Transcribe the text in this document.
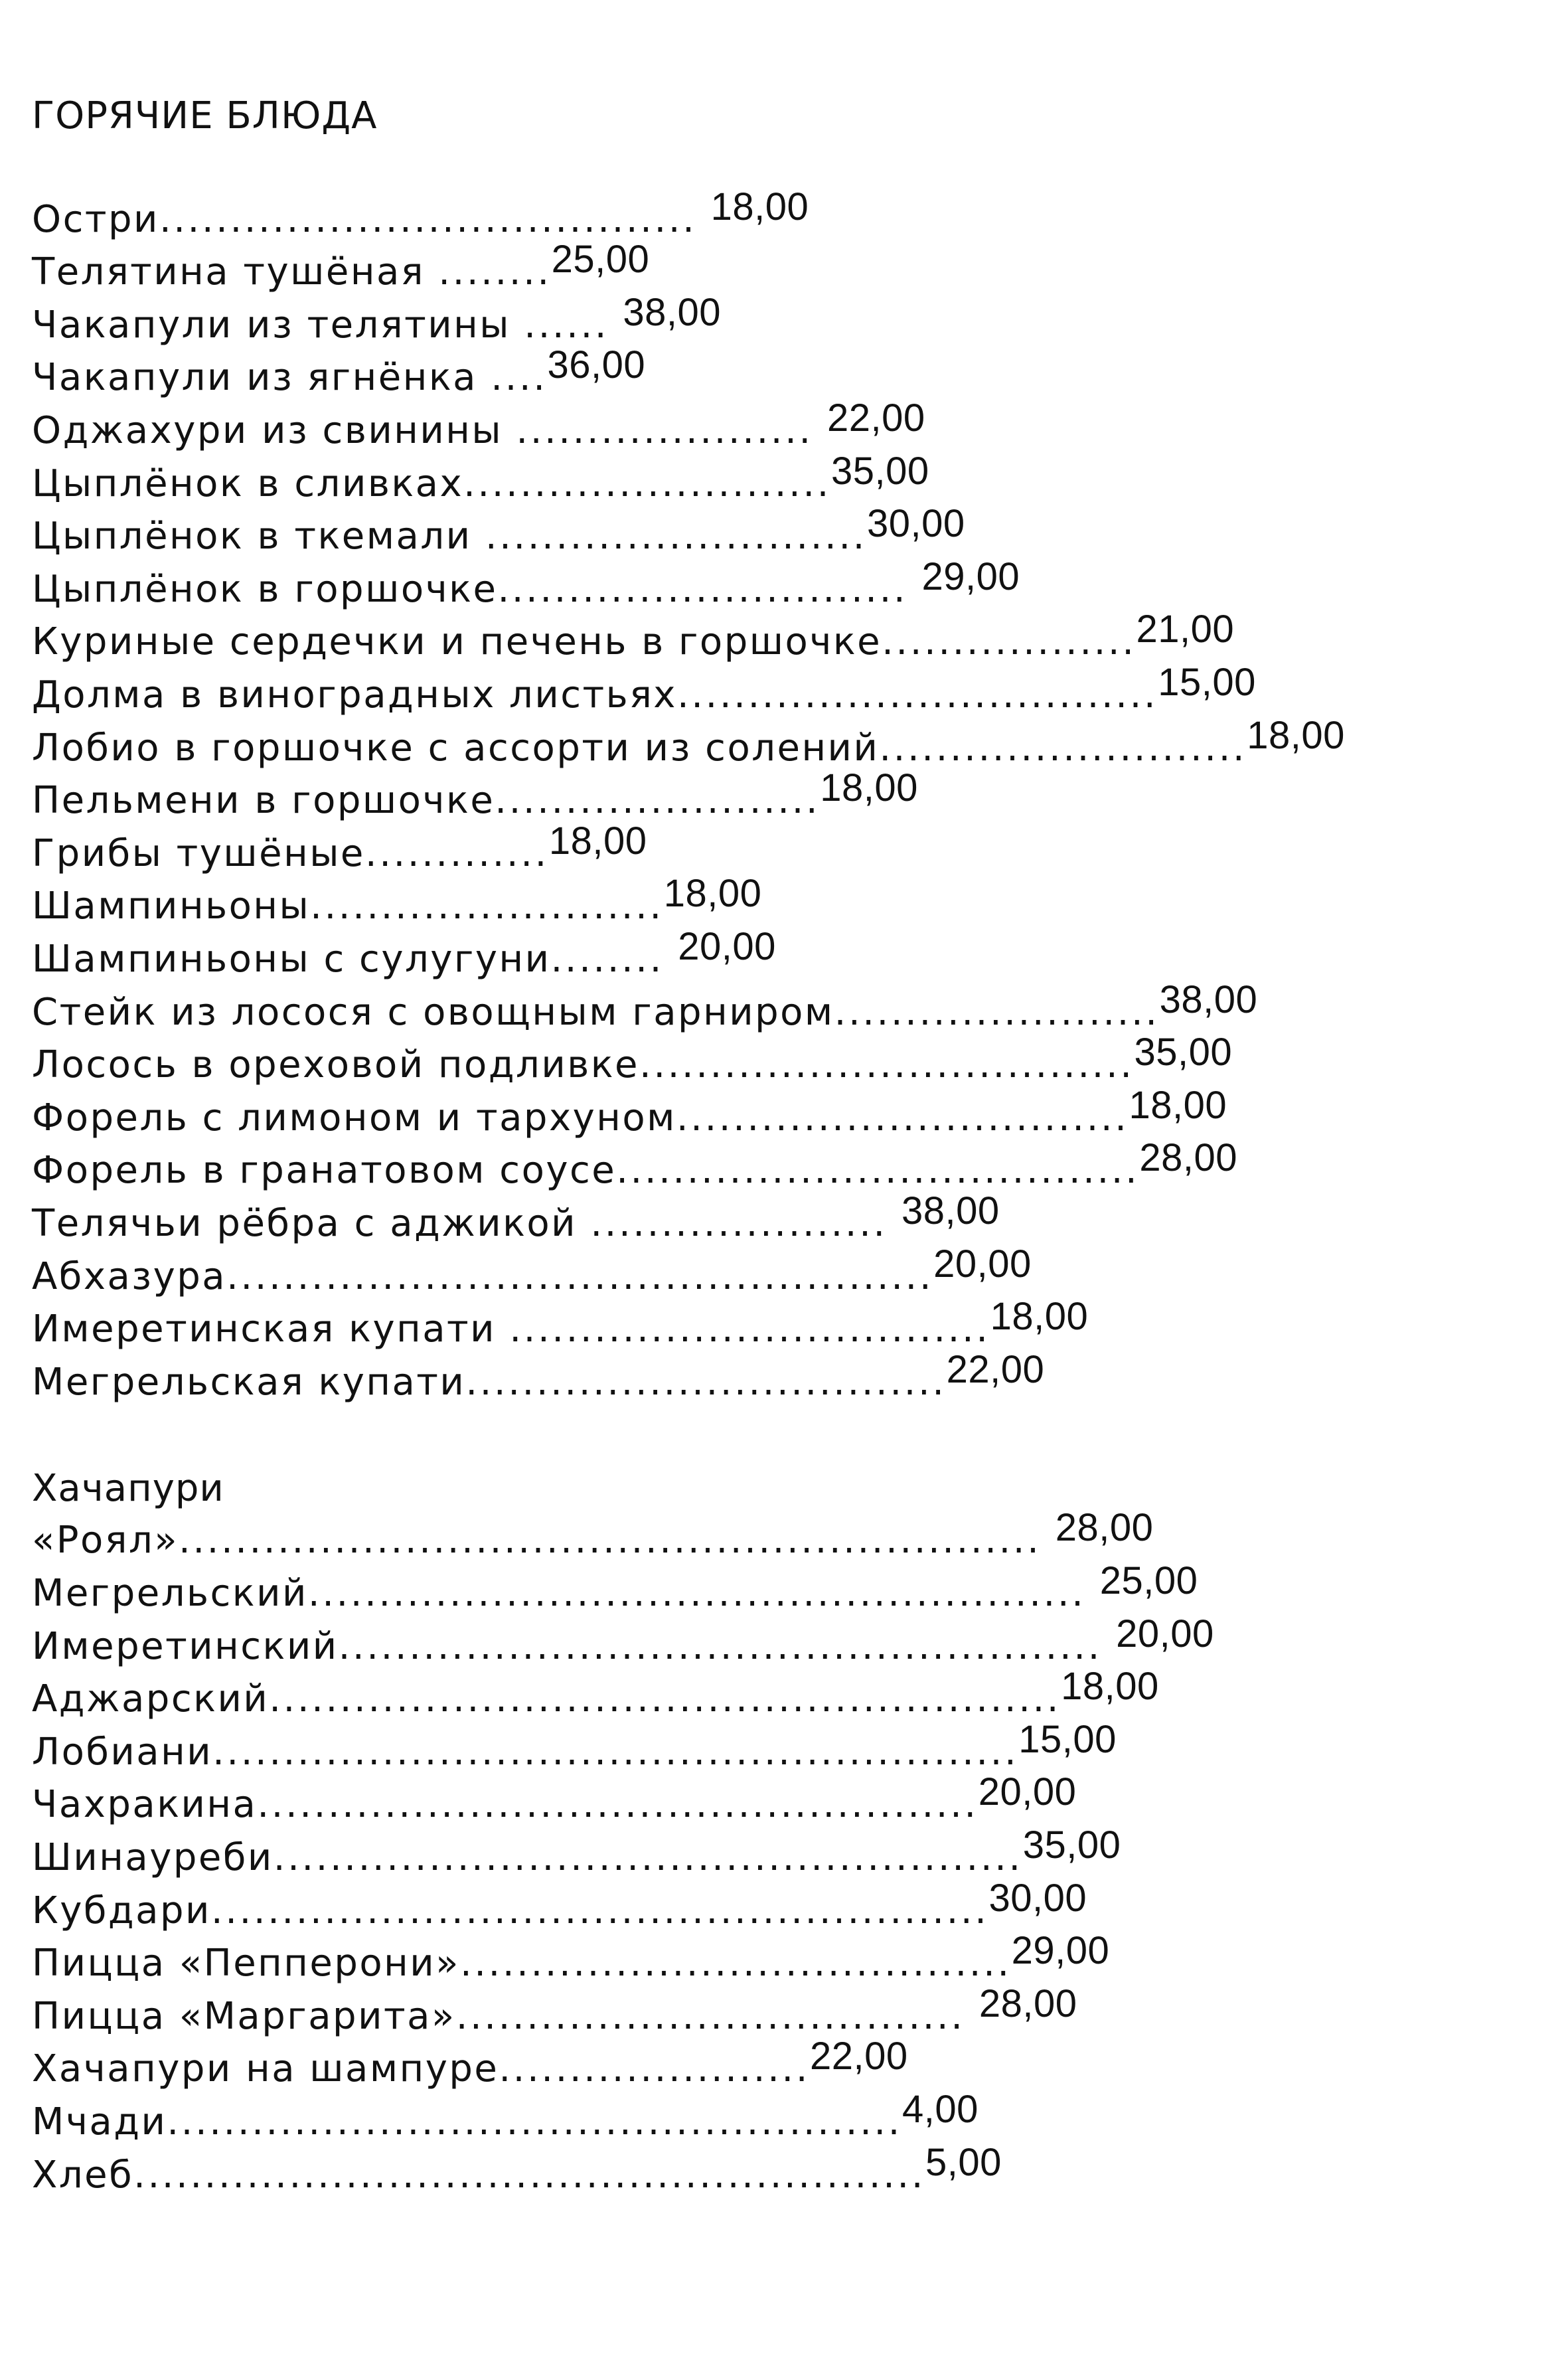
ГОРЯЧИЕ БЛЮДА
Остри...................................... 18,00
Телятина тушёная ........25,00
Чакапули из телятины ...... 38,00
Чакапули из ягнёнка ....36,00
Оджахури из свинины ..................... 22,00
Цыплёнок в сливках..........................35,00
Цыплёнок в ткемали ...........................30,00
Цыплёнок в горшочке............................. 29,00
Куриные сердечки и печень в горшочке..................21,00
Долма в виноградных листьях..................................15,00
Лобио в горшочке с ассорти из солений..........................18,00
Пельмени в горшочке.......................18,00
Грибы тушёные.............18,00
Шампиньоны.........................18,00
Шампиньоны с сулугуни........ 20,00
Стейк из лосося с овощным гарниром.......................38,00
Лосось в ореховой подливке...................................35,00
Форель с лимоном и тархуном................................18,00
Форель в гранатовом соусе.....................................28,00
Телячьи рёбра с аджикой ..................... 38,00
Абхазура..................................................20,00
Имеретинская купати ..................................18,00
Мегрельская купати..................................22,00
Хачапури
«Роял»............................................................. 28,00
Мегрельский....................................................... 25,00
Имеретинский...................................................... 20,00
Аджарский........................................................18,00
Лобиани.........................................................15,00
Чахракина...................................................20,00
Шинауреби.....................................................35,00
Кубдари.......................................................30,00
Пицца «Пепперони».......................................29,00
Пицца «Маргарита».................................... 28,00
Хачапури на шампуре......................22,00
Мчади....................................................4,00
Хлеб........................................................5,00
